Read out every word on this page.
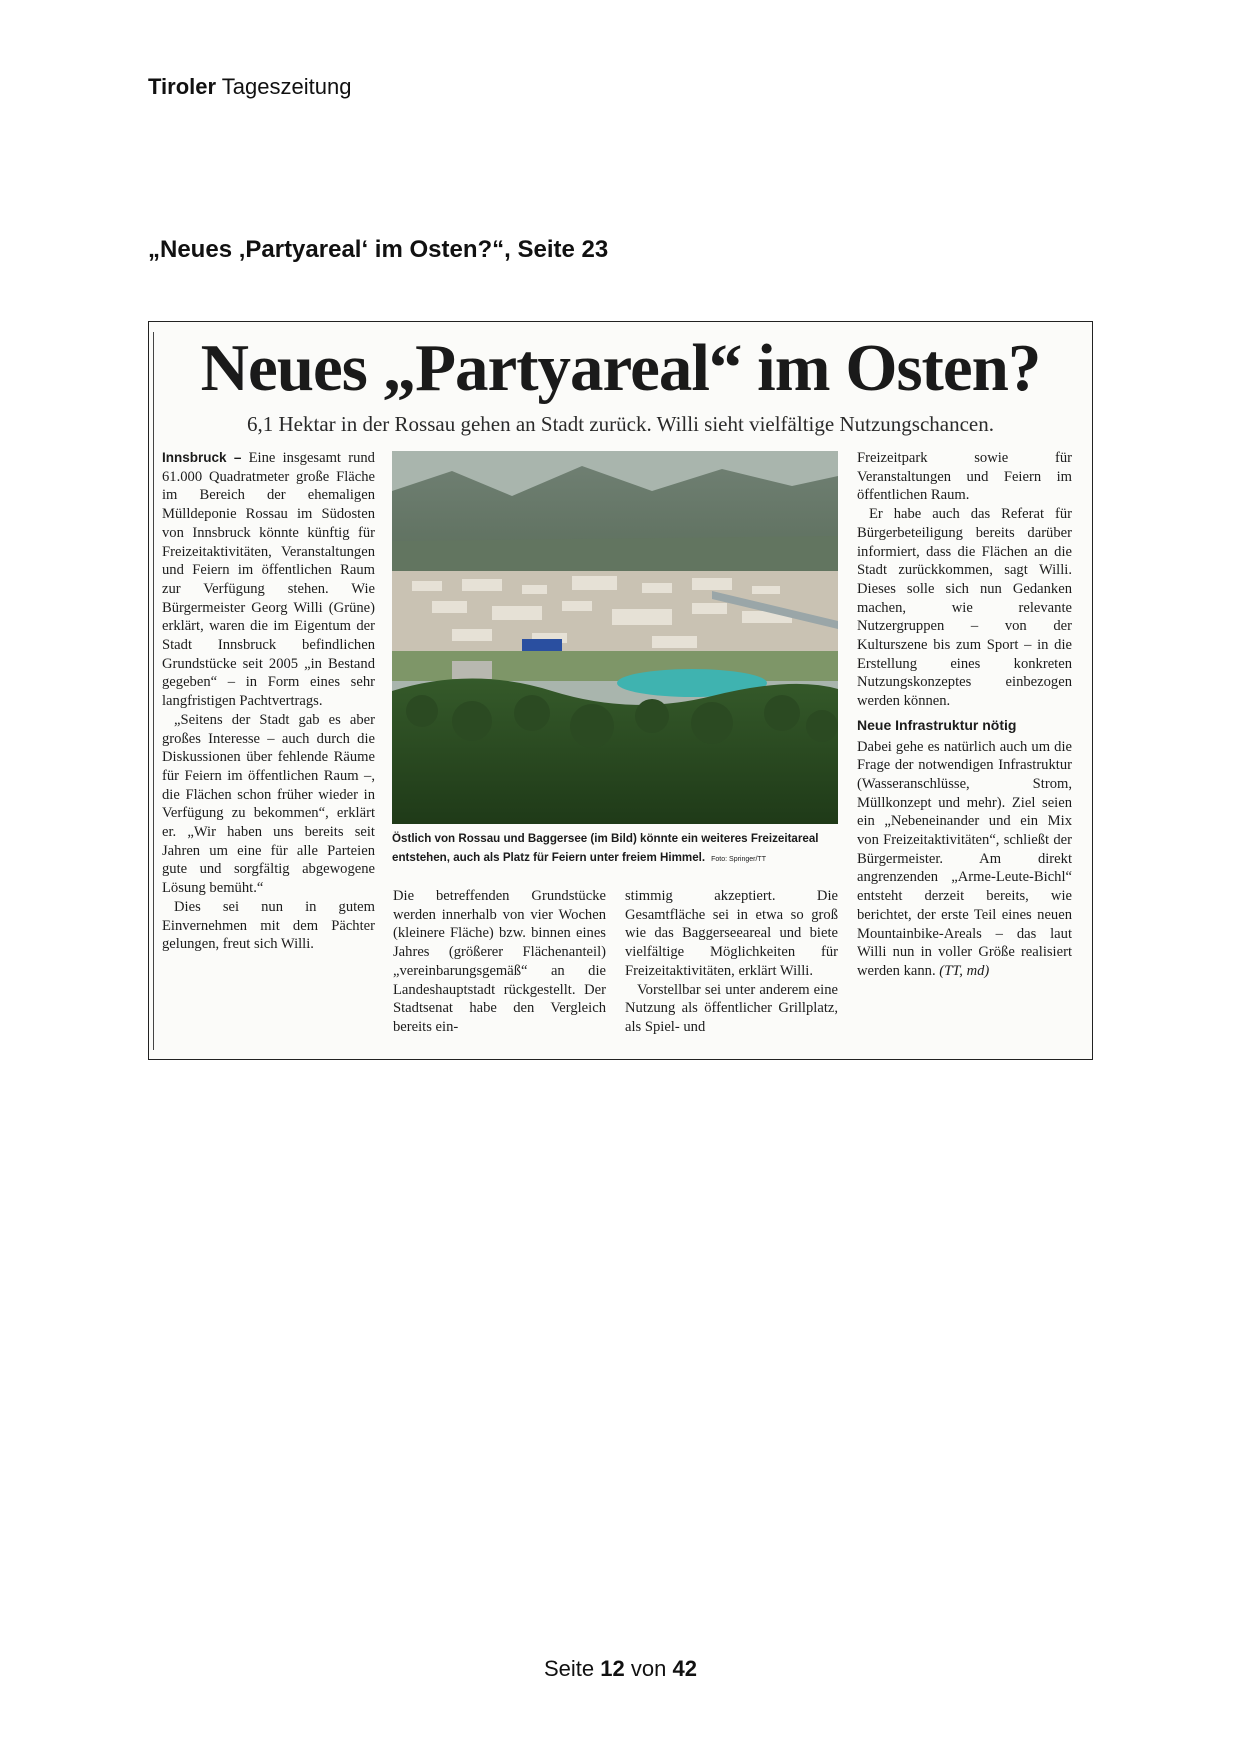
Tiroler Tageszeitung
„Neues ‚Partyareal‘ im Osten?“, Seite 23
Neues „Partyareal“ im Osten?
6,1 Hektar in der Rossau gehen an Stadt zurück. Willi sieht vielfältige Nutzungschancen.

Innsbruck – Eine insgesamt rund 61.000 Quadratmeter große Fläche im Bereich der ehemaligen Mülldeponie Rossau im Südosten von Innsbruck könnte künftig für Freizeitaktivitäten, Veranstaltungen und Feiern im öffentlichen Raum zur Verfügung stehen. Wie Bürgermeister Georg Willi (Grüne) erklärt, waren die im Eigentum der Stadt Innsbruck befindlichen Grundstücke seit 2005 „in Bestand gegeben“ – in Form eines sehr langfristigen Pachtvertrags.

„Seitens der Stadt gab es aber großes Interesse – auch durch die Diskussionen über fehlende Räume für Feiern im öffentlichen Raum –, die Flächen schon früher wieder in Verfügung zu bekommen“, erklärt er. „Wir haben uns bereits seit Jahren um eine für alle Parteien gute und sorgfältig abgewogene Lösung bemüht.“

Dies sei nun in gutem Einvernehmen mit dem Pächter gelungen, freut sich Willi.

Östlich von Rossau und Baggersee (im Bild) könnte ein weiteres Freizeitareal entstehen, auch als Platz für Feiern unter freiem Himmel. Foto: Springer/TT

Die betreffenden Grundstücke werden innerhalb von vier Wochen (kleinere Fläche) bzw. binnen eines Jahres (größerer Flächenanteil) „vereinbarungsgemäß“ an die Landeshauptstadt rückgestellt. Der Stadtsenat habe den Vergleich bereits ein-

stimmig akzeptiert. Die Gesamtfläche sei in etwa so groß wie das Baggerseeareal und biete vielfältige Möglichkeiten für Freizeitaktivitäten, erklärt Willi.

Vorstellbar sei unter anderem eine Nutzung als öffentlicher Grillplatz, als Spiel- und

Freizeitpark sowie für Veranstaltungen und Feiern im öffentlichen Raum.

Er habe auch das Referat für Bürgerbeteiligung bereits darüber informiert, dass die Flächen an die Stadt zurückkommen, sagt Willi. Dieses solle sich nun Gedanken machen, wie relevante Nutzergruppen – von der Kulturszene bis zum Sport – in die Erstellung eines konkreten Nutzungskonzeptes einbezogen werden können.

Neue Infrastruktur nötig

Dabei gehe es natürlich auch um die Frage der notwendigen Infrastruktur (Wasseranschlüsse, Strom, Müllkonzept und mehr). Ziel seien ein „Nebeneinander und ein Mix von Freizeitaktivitäten“, schließt der Bürgermeister. Am direkt angrenzenden „Arme-Leute-Bichl“ entsteht derzeit bereits, wie berichtet, der erste Teil eines neuen Mountainbike-Areals – das laut Willi nun in voller Größe realisiert werden kann. (TT, md)

Seite 12 von 42
